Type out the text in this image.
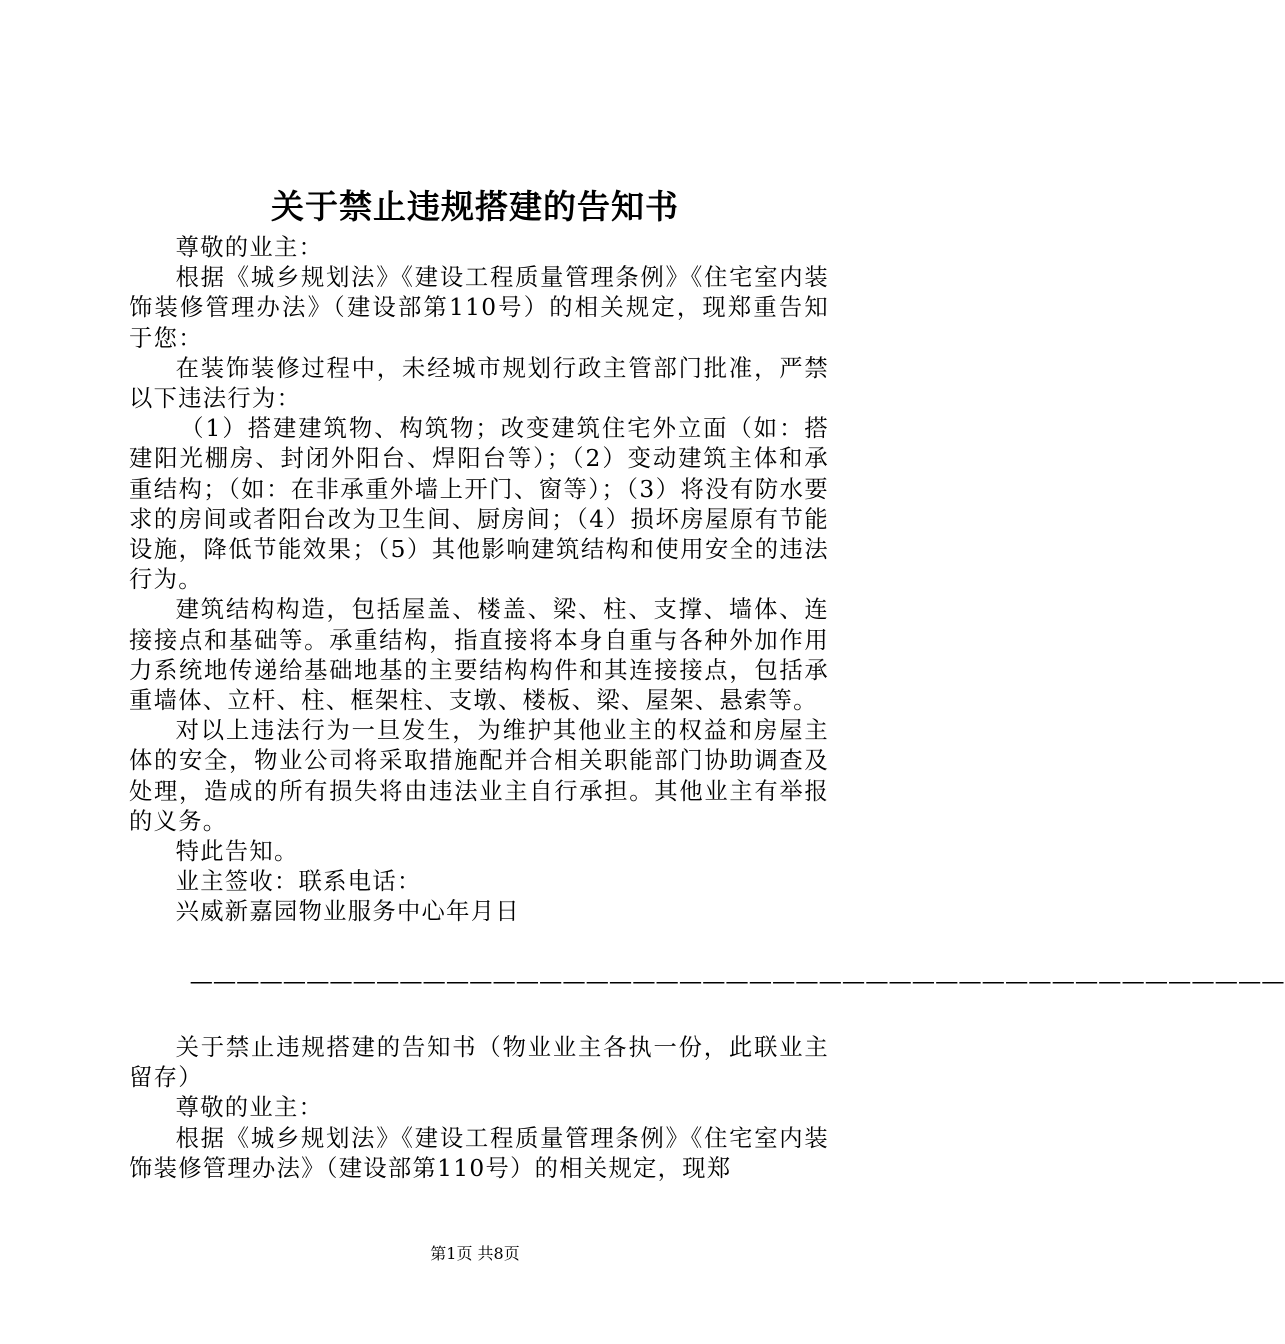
关于禁止违规搭建的告知书

尊敬的业主：

根据《城乡规划法》《建设工程质量管理条例》《住宅室内装饰装修管理办法》（建设部第110号）的相关规定，现郑重告知于您：

在装饰装修过程中，未经城市规划行政主管部门批准，严禁以下违法行为：

（1）搭建建筑物、构筑物；改变建筑住宅外立面（如：搭建阳光棚房、封闭外阳台、焊阳台等）；（2）变动建筑主体和承重结构；（如：在非承重外墙上开门、窗等）；（3）将没有防水要求的房间或者阳台改为卫生间、厨房间；（4）损坏房屋原有节能设施，降低节能效果；（5）其他影响建筑结构和使用安全的违法行为。

建筑结构构造，包括屋盖、楼盖、梁、柱、支撑、墙体、连接接点和基础等。承重结构，指直接将本身自重与各种外加作用力系统地传递给基础地基的主要结构构件和其连接接点，包括承重墙体、立杆、柱、框架柱、支墩、楼板、梁、屋架、悬索等。

对以上违法行为一旦发生，为维护其他业主的权益和房屋主体的安全，物业公司将采取措施配并合相关职能部门协助调查及处理，造成的所有损失将由违法业主自行承担。其他业主有举报的义务。

特此告知。

业主签收：联系电话：

兴威新嘉园物业服务中心年月日

———————————————————————————————————————————————

关于禁止违规搭建的告知书（物业业主各执一份，此联业主留存）

尊敬的业主：

根据《城乡规划法》《建设工程质量管理条例》《住宅室内装饰装修管理办法》（建设部第110号）的相关规定，现郑

第1页 共8页
